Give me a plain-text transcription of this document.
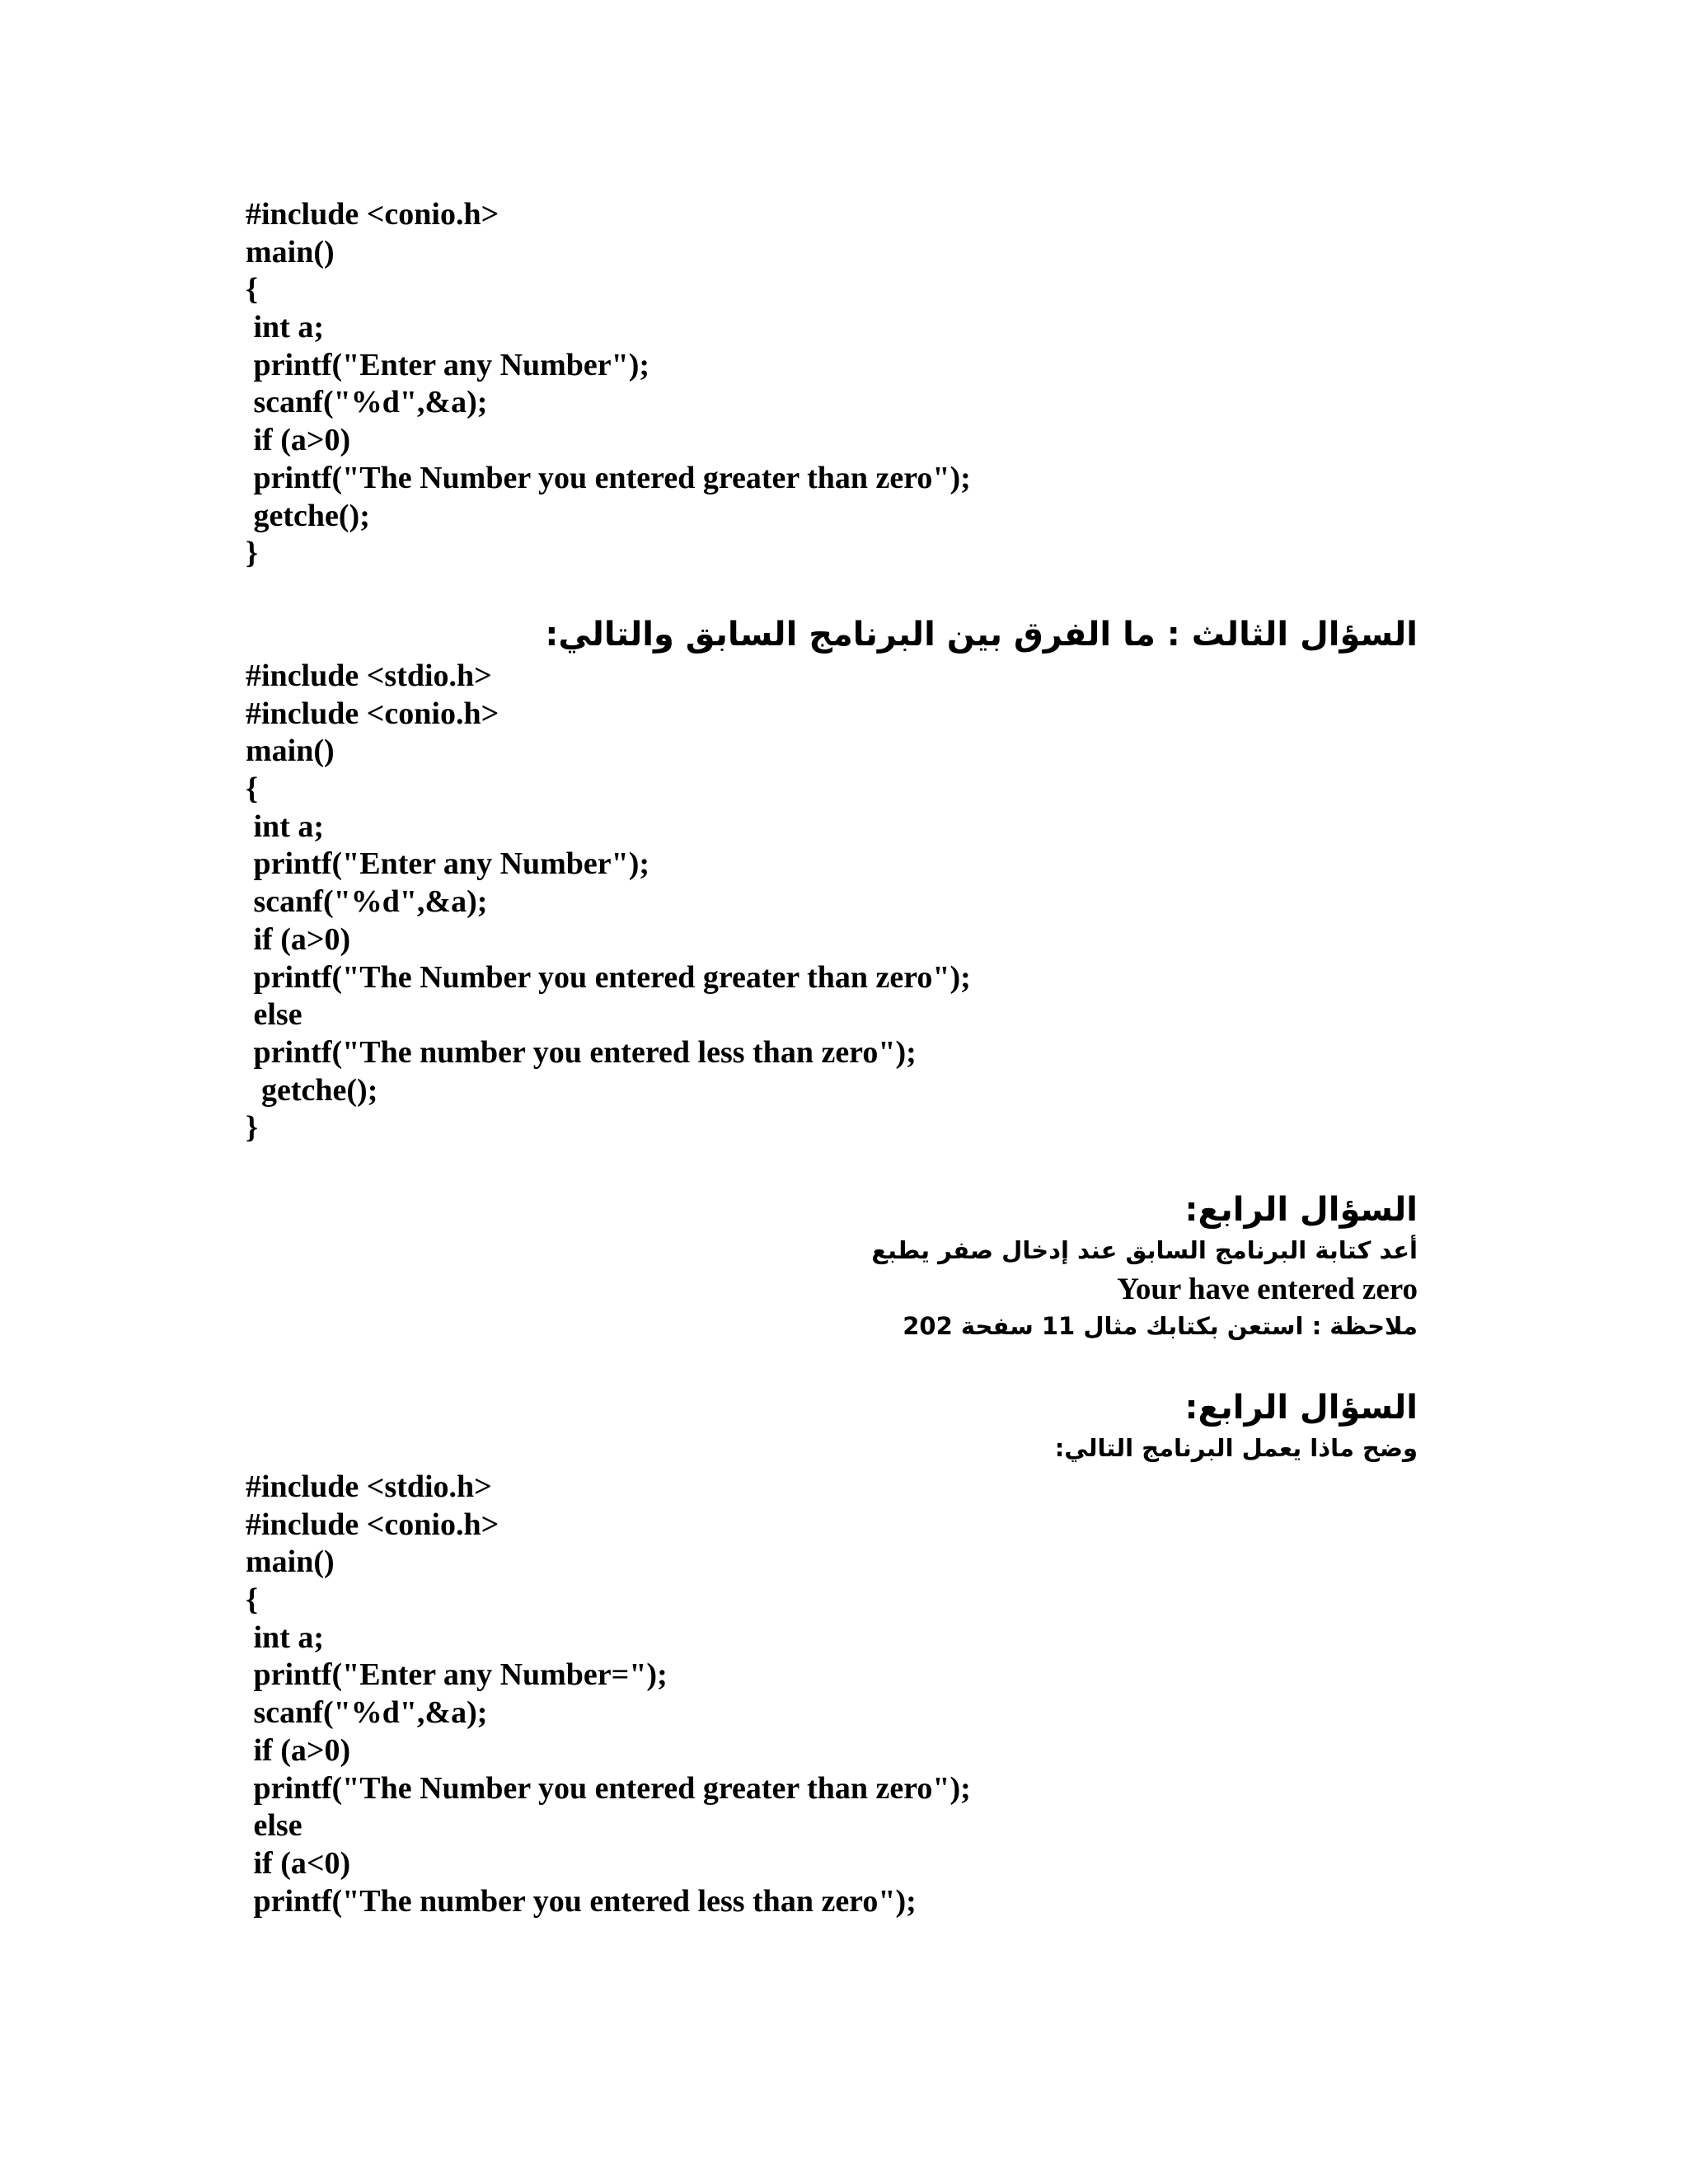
#include <conio.h>
main()
{
int a;
printf("Enter any Number");
scanf("%d",&a);
if (a>0)
printf("The Number you entered greater than zero");
getche();
}
السؤال الثالث : ما الفرق بين البرنامج السابق والتالي:
#include <stdio.h>
#include <conio.h>
main()
{
int a;
printf("Enter any Number");
scanf("%d",&a);
if (a>0)
printf("The Number you entered greater than zero");
else
printf("The number you entered less than zero");
getche();
}
السؤال الرابع:
أعد كتابة البرنامج السابق عند إدخال صفر يطبع
Your have entered zero
ملاحظة : استعن بكتابك مثال 11 سفحة 202
السؤال الرابع:
وضح ماذا يعمل البرنامج التالي:
#include <stdio.h>
#include <conio.h>
main()
{
int a;
printf("Enter any Number=");
scanf("%d",&a);
if (a>0)
printf("The Number you entered greater than zero");
else
if (a<0)
printf("The number you entered less than zero");
